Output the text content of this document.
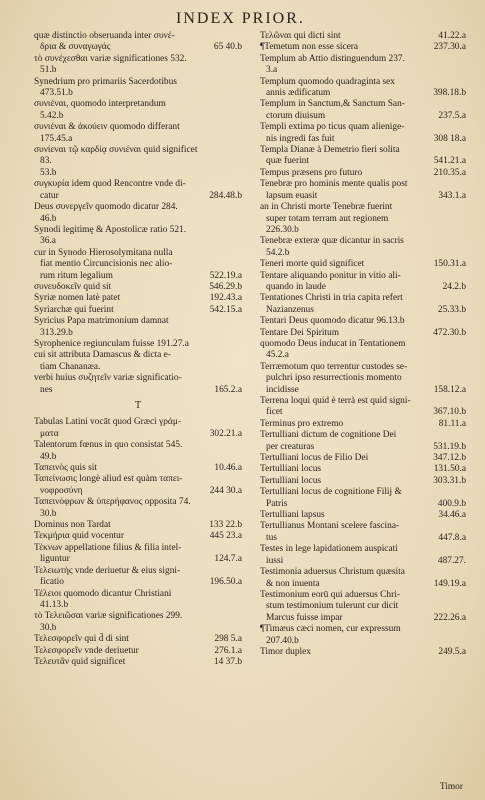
INDEX PRIOR.
quæ distinctio obseruanda inter συνέ-
δρια & συναγωγάς	65 40.b
τὸ συνέχεσθαι variæ significationes 532.
51.b
Synedrium pro primariis Sacerdotibus
473.51.b
συνιέναι, quomodo interpretandum
5.42.b
συνιέναι & ἀκούειν quomodo differant
175.45.a
συνίεναι τῷ καρδίᾳ συνιέναι quid significet 83.
53.b
συγκυρία idem quod Rencontre vnde di-
catur	284.48.b
Deus συνεργεῖν quomodo dicatur 284.
46.b
Synodi legitimę & Apostolicæ ratio 521.
36.a
cur in Synodo Hierosolymitana nulla
fiat mentio Circuncisionis nec alio-
rum ritum legalium	522.19.a
συνευδοκεῖν quid sit	546.29.b
Syriæ nomen latè patet	192.43.a
Syriarchæ qui fuerint	542.15.a
Syricius Papa matrimonium damnat
313.29.b
Syrophenice regiunculam fuisse 191.27.a
cui sit attributa Damascus & dicta e-
tiam Chananæa.
verbi huius συζητεῖν variæ significatio-
nes	165.2.a
T
Tabulas Latini vocāt quod Græci γράμ-
ματα	302.21.a
Talentorum fœnus in quo consistat 545.
49.b
Ταπεινὸς quis sit	10.46.a
Ταπείνωσις longè aliud est quàm ταπει-
νοφροσύνη	244 30.a
Ταπεινόφρων & ὑπερήφανος opposita 74.
30.b
Dominus non Tardat	133 22.b
Τεκμήρια quid vocentur	445 23.a
Τέκνων appellatione filius & filia intel-
liguntur	124.7.a
Τελειωτὴς vnde deriuetur & eius signi-
ficatio	196.50.a
Τέλειοι quomodo dicantur Christiani
41.13.b
τὸ Τελειῶσαι variæ significationes 299.
30.b
Τελεσφορεῖν qui d̄ di sint	298 5.a
Τελεσφορεῖν vnde deriuetur	276.1.a
Τελευτᾶν quid significet	14 37.b
Τελῶναι qui dicti sint	41.22.a
¶Temetum non esse sicera	237.30.a
Templum ab Attio distinguendum 237.
3.a
Templum quomodo quadraginta sex
annis ædificatum	398.18.b
Templum in Sanctum,& Sanctum San-
ctorum diuisum	237.5.a
Templi extima po ticus quam alienige-
nis ingredi fas fuit	308 18.a
Templa Dianæ à Demetrio fieri solita
quæ fuerint	541.21.a
Tempus præsens pro futuro	210.35.a
Tenebræ pro hominis mente qualis post
lapsum euasit	343.1.a
an in Christi morte Tenebræ fuerint
super totam terram aut regionem
226.30.b
Tenebræ exteræ quæ dicantur in sacris
54.2.b
Teneri morte quid significet	150.31.a
Tentare aliquando ponitur in vitio ali-
quando in laude	24.2.b
Tentationes Christi in tria capita refert
Nazianzenus	25.33.b
Tentari Deus quomodo dicatur 96.13.b
Tentare Dei Spiritum	472.30.b
quomodo Deus inducat in Tentationem
45.2.a
Terræmotum quo terrentur custodes se-
pulchri ipso resurrectionis momento
incidisse	158.12.a
Terrena loqui quid è terrà est quid signi-
ficet	367.10.b
Terminus pro extremo	81.11.a
Tertulliani dictum de cognitione Dei
per creaturas	531.19.b
Tertulliani locus de Filio Dei	347.12.b
Tertulliani locus	131.50.a
Tertulliani locus	303.31.b
Tertulliani locus de cognitione Filij &
Patris	400.9.b
Tertulliani lapsus	34.46.a
Tertullianus Montani scelere fascina-
tus	447.8.a
Testes in lege lapidationem auspicati
iussi	487.27.
Testimonia aduersus Christum quæsita
& non inuenta	149.19.a
Testimonium eorū qui aduersus Chri-
stum testimonium tulerunt cur dicit
Marcus fuisse impar	222.26.a
¶Timæus cæci nomen, cur expressum
207.40.b
Timor duplex	249.5.a
Timor
